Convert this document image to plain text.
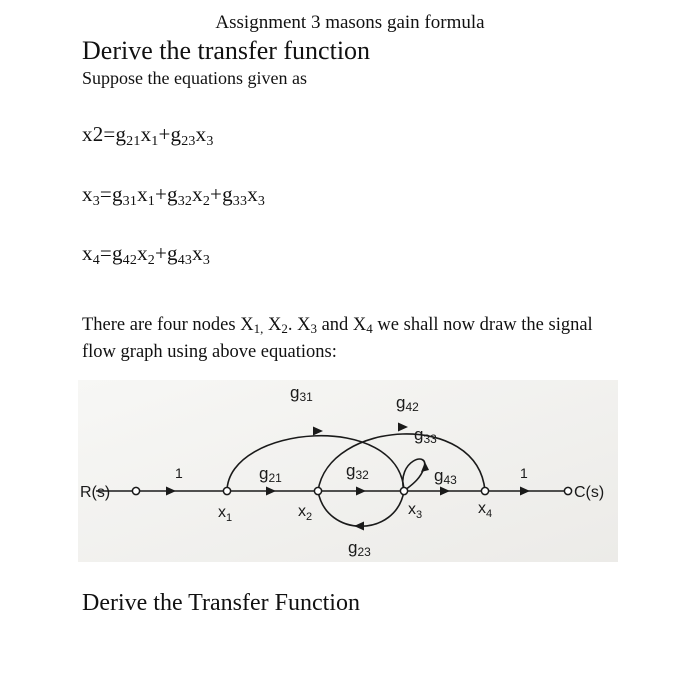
Assignment 3 masons gain formula
Derive the transfer function
Suppose the equations given as
$x2=g_{21}x_1+g_{23}x_3$
$x_3=g_{31}x_1+g_{32}x_2+g_{33}x_3$
$x_4=g_{42}x_2+g_{43}x_3$
There are four nodes $X_{1,}$ $X_2$. $X_3$ and $X_4$ we shall now draw the signal flow graph using above equations:
R(s)	C(s)
$x_1$	$x_2$	$x_3$	$x_4$
1	g21	g32	g43	1
g31	g42
g33
g23
Derive the Transfer Function
